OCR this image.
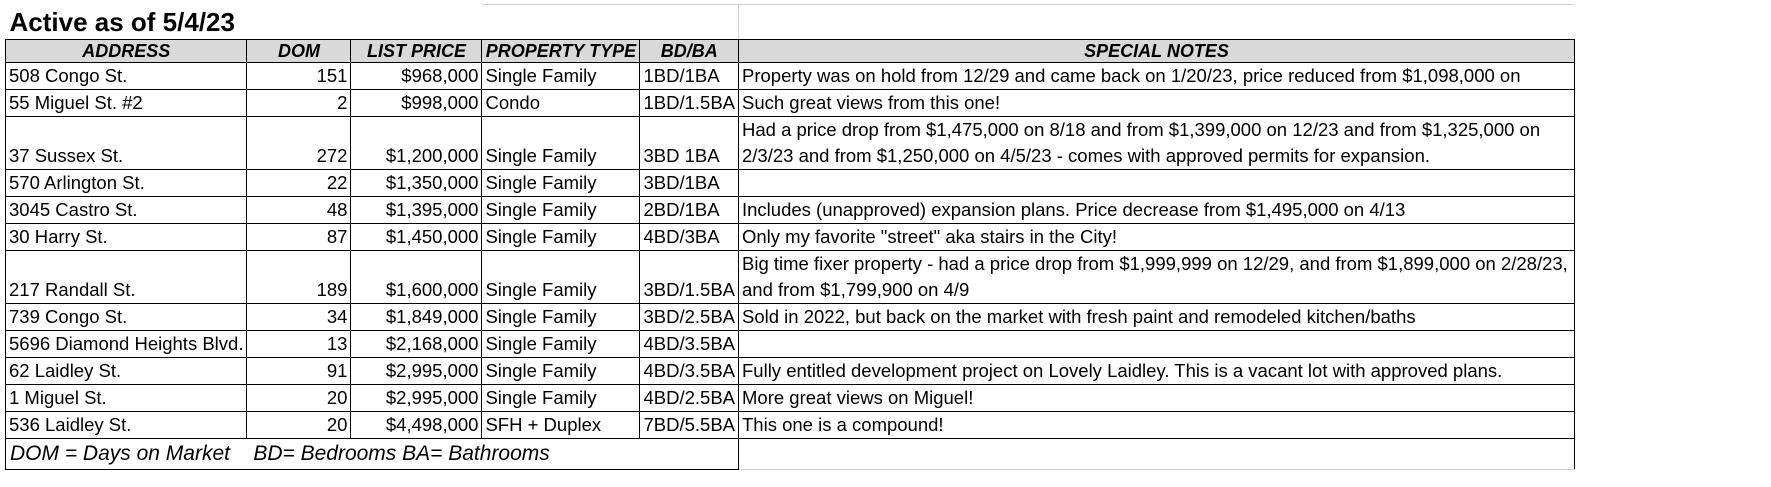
Active as of 5/4/23					
ADDRESS	DOM	LIST PRICE	PROPERTY TYPE	BD/BA	SPECIAL NOTES
508 Congo St.	151	$968,000	Single Family	1BD/1BA	Property was on hold from 12/29 and came back on 1/20/23, price reduced from $1,098,000 on
55 Miguel St. #2	2	$998,000	Condo	1BD/1.5BA	Such great views from this one!
37 Sussex St.	272	$1,200,000	Single Family	3BD 1BA	Had a price drop from $1,475,000 on 8/18 and from $1,399,000 on 12/23 and from $1,325,000 on 2/3/23 and from $1,250,000 on 4/5/23 - comes with approved permits for expansion.
570 Arlington St.	22	$1,350,000	Single Family	3BD/1BA	
3045 Castro St.	48	$1,395,000	Single Family	2BD/1BA	Includes (unapproved) expansion plans. Price decrease from $1,495,000 on 4/13
30 Harry St.	87	$1,450,000	Single Family	4BD/3BA	Only my favorite "street" aka stairs in the City!
217 Randall St.	189	$1,600,000	Single Family	3BD/1.5BA	Big time fixer property - had a price drop from $1,999,999 on 12/29, and from $1,899,000 on 2/28/23, and from $1,799,900 on 4/9
739 Congo St.	34	$1,849,000	Single Family	3BD/2.5BA	Sold in 2022, but back on the market with fresh paint and remodeled kitchen/baths
5696 Diamond Heights Blvd.	13	$2,168,000	Single Family	4BD/3.5BA	
62 Laidley St.	91	$2,995,000	Single Family	4BD/3.5BA	Fully entitled development project on Lovely Laidley. This is a vacant lot with approved plans.
1 Miguel St.	20	$2,995,000	Single Family	4BD/2.5BA	More great views on Miguel!
536 Laidley St.	20	$4,498,000	SFH + Duplex	7BD/5.5BA	This one is a compound!
DOM = Days on Market    BD= Bedrooms BA= Bathrooms					
